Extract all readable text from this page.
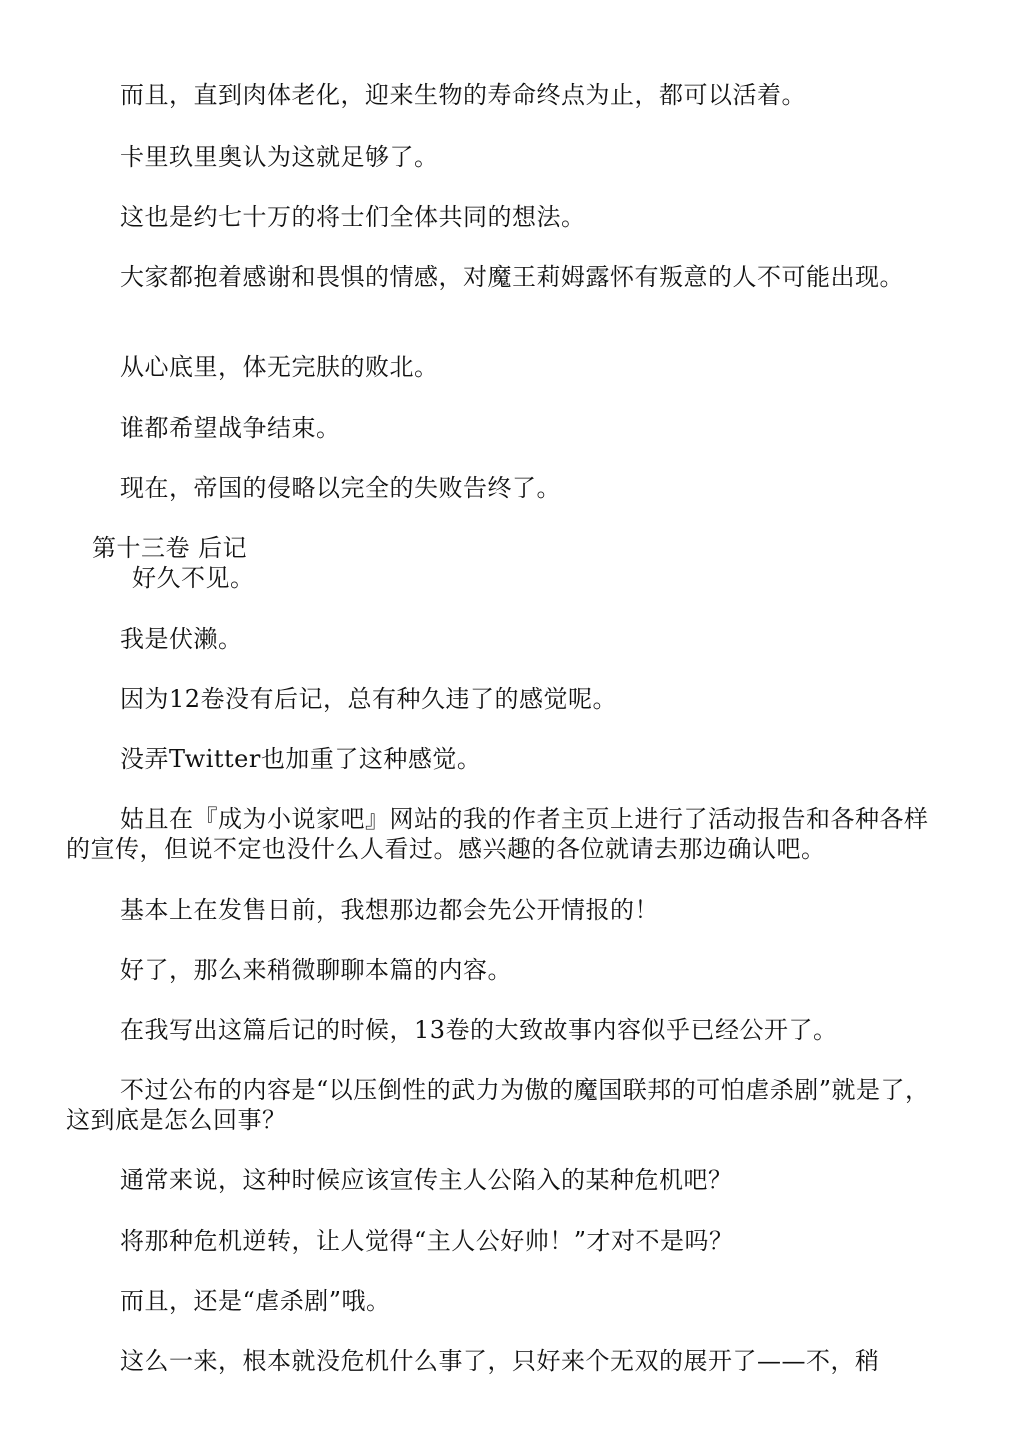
而且，直到肉体老化，迎来生物的寿命终点为止，都可以活着。

卡里玖里奥认为这就足够了。

这也是约七十万的将士们全体共同的想法。

大家都抱着感谢和畏惧的情感，对魔王莉姆露怀有叛意的人不可能出现。

从心底里，体无完肤的败北。

谁都希望战争结束。

现在，帝国的侵略以完全的失败告终了。

第十三卷 后记

好久不见。

我是伏濑。

因为12卷没有后记，总有种久违了的感觉呢。

没弄Twitter也加重了这种感觉。

姑且在『成为小说家吧』网站的我的作者主页上进行了活动报告和各种各样的宣传，但说不定也没什么人看过。感兴趣的各位就请去那边确认吧。

基本上在发售日前，我想那边都会先公开情报的！

好了，那么来稍微聊聊本篇的内容。

在我写出这篇后记的时候，13卷的大致故事内容似乎已经公开了。

不过公布的内容是“以压倒性的武力为傲的魔国联邦的可怕虐杀剧”就是了，这到底是怎么回事？

通常来说，这种时候应该宣传主人公陷入的某种危机吧？

将那种危机逆转，让人觉得“主人公好帅！”才对不是吗？

而且，还是“虐杀剧”哦。

这么一来，根本就没危机什么事了，只好来个无双的展开了——不，稍
